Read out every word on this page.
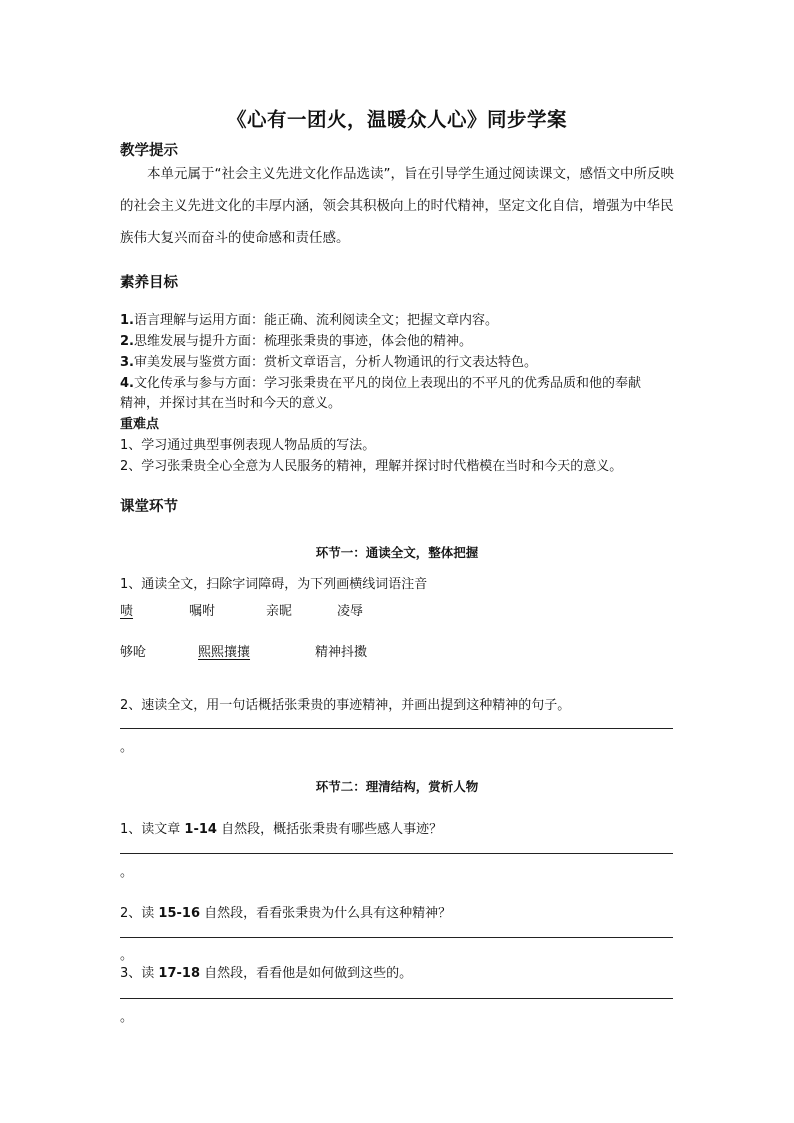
《心有一团火，温暖众人心》同步学案
教学提示

本单元属于“社会主义先进文化作品选读”，旨在引导学生通过阅读课文，感悟文中所反映的社会主义先进文化的丰厚内涵，领会其积极向上的时代精神，坚定文化自信，增强为中华民族伟大复兴而奋斗的使命感和责任感。

素养目标
1.语言理解与运用方面：能正确、流利阅读全文；把握文章内容。
2.思维发展与提升方面：梳理张秉贵的事迹，体会他的精神。
3.审美发展与鉴赏方面：赏析文章语言，分析人物通讯的行文表达特色。
4.文化传承与参与方面：学习张秉贵在平凡的岗位上表现出的不平凡的优秀品质和他的奉献
精神，并探讨其在当时和今天的意义。
重难点
1、学习通过典型事例表现人物品质的写法。
2、学习张秉贵全心全意为人民服务的精神，理解并探讨时代楷模在当时和今天的意义。
课堂环节
环节一：通读全文，整体把握
1、通读全文，扫除字词障碍，为下列画横线词语注音
啧	嘱咐	亲昵	凌辱
够呛	熙熙攘攘	精神抖擞
2、速读全文，用一句话概括张秉贵的事迹精神，并画出提到这种精神的句子。
。
环节二：理清结构，赏析人物
1、读文章 1-14 自然段，概括张秉贵有哪些感人事迹？
。
2、读 15-16 自然段，看看张秉贵为什么具有这种精神？
。
3、读 17-18 自然段，看看他是如何做到这些的。
。
